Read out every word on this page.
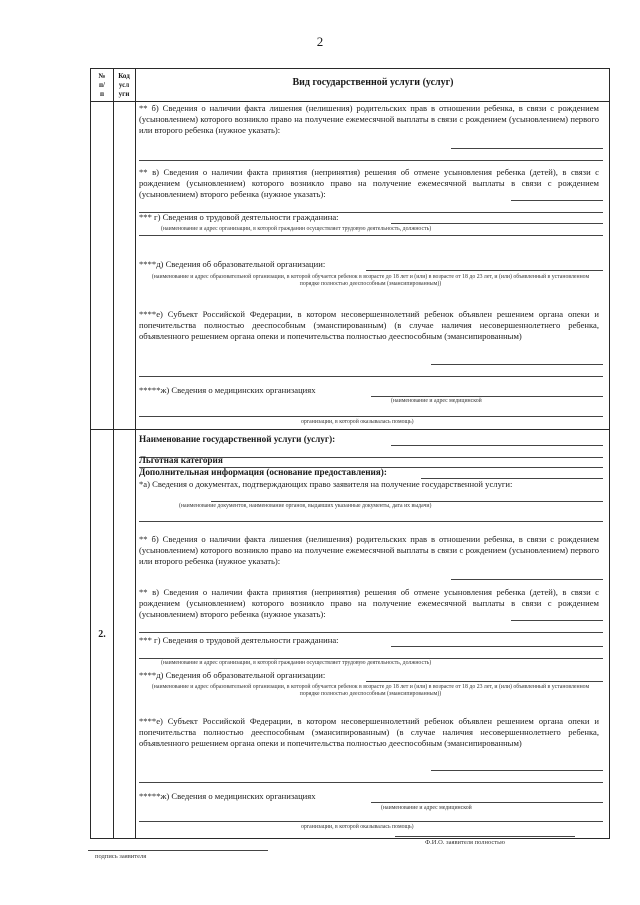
2
№
п/
п
Код
усл
уги
Вид государственной услуги (услуг)
** б) Сведения о наличии факта лишения (нелишения) родительских прав в отношении ребенка, в связи с рождением (усыновлением) которого возникло право на получение ежемесячной выплаты в связи с рождением (усыновлением) первого или второго ребенка (нужное указать):
** в) Сведения о наличии факта принятия (непринятия) решения об отмене усыновления ребенка (детей), в связи с рождением (усыновлением) которого возникло право на получение ежемесячной выплаты в связи с рождением (усыновлением) второго ребенка (нужное указать):
*** г) Сведения о трудовой деятельности гражданина:
(наименование и адрес организации, в которой гражданин осуществляет трудовую деятельность, должность)
****д) Сведения об образовательной организации:
(наименование и адрес образовательной организации, в которой обучается ребенок в возрасте до 18 лет и (или) в возрасте от 18 до 23 лет, и (или) объявленный в установленном порядке полностью дееспособным (эмансипированным))
****е) Субъект Российской Федерации, в котором несовершеннолетний ребенок объявлен решением органа опеки и попечительства полностью дееспособным (эманспированным) (в случае наличия несовершеннолетнего ребенка, объявленного решением органа опеки и попечительства полностью дееспособным (эмансипированным)
*****ж) Сведения о медицинских организациях
(наименование и адрес медицинской
организации, в которой оказывалась помощь)
2.
Наименование государственной услуги (услуг):
Льготная категория
Дополнительная информация (основание предоставления):
*а) Сведения о документах, подтверждающих право заявителя на получение государственной услуги:
(наименование документов, наименование органов, выдавших указанные документы, дата их выдачи)
** б) Сведения о наличии факта лишения (нелишения) родительских прав в отношении ребенка, в связи с рождением (усыновлением) которого возникло право на получение ежемесячной выплаты в связи с рождением (усыновлением) первого или второго ребенка (нужное указать):
** в) Сведения о наличии факта принятия (непринятия) решения об отмене усыновления ребенка (детей), в связи с рождением (усыновлением) которого возникло право на получение ежемесячной выплаты в связи с рождением (усыновлением) второго ребенка (нужное указать):
*** г) Сведения о трудовой деятельности гражданина:
(наименование и адрес организации, в которой гражданин осуществляет трудовую деятельность, должность)
****д) Сведения об образовательной организации:
(наименование и адрес образовательной организации, в которой обучается ребенок в возрасте до 18 лет и (или) в возрасте от 18 до 23 лет, и (или) объявленный в установленном порядке полностью дееспособным (эмансипированным))
****е) Субъект Российской Федерации, в котором несовершеннолетний ребенок объявлен решением органа опеки и попечительства полностью дееспособным (эмансипированным) (в случае наличия несовершеннолетнего ребенка, объявленного решением органа опеки и попечительства полностью дееспособным (эмансипированным)
*****ж) Сведения о медицинских организациях
(наименование и адрес медицинской
организации, в которой оказывалась помощь)
подпись заявителя
Ф.И.О. заявителя полностью
